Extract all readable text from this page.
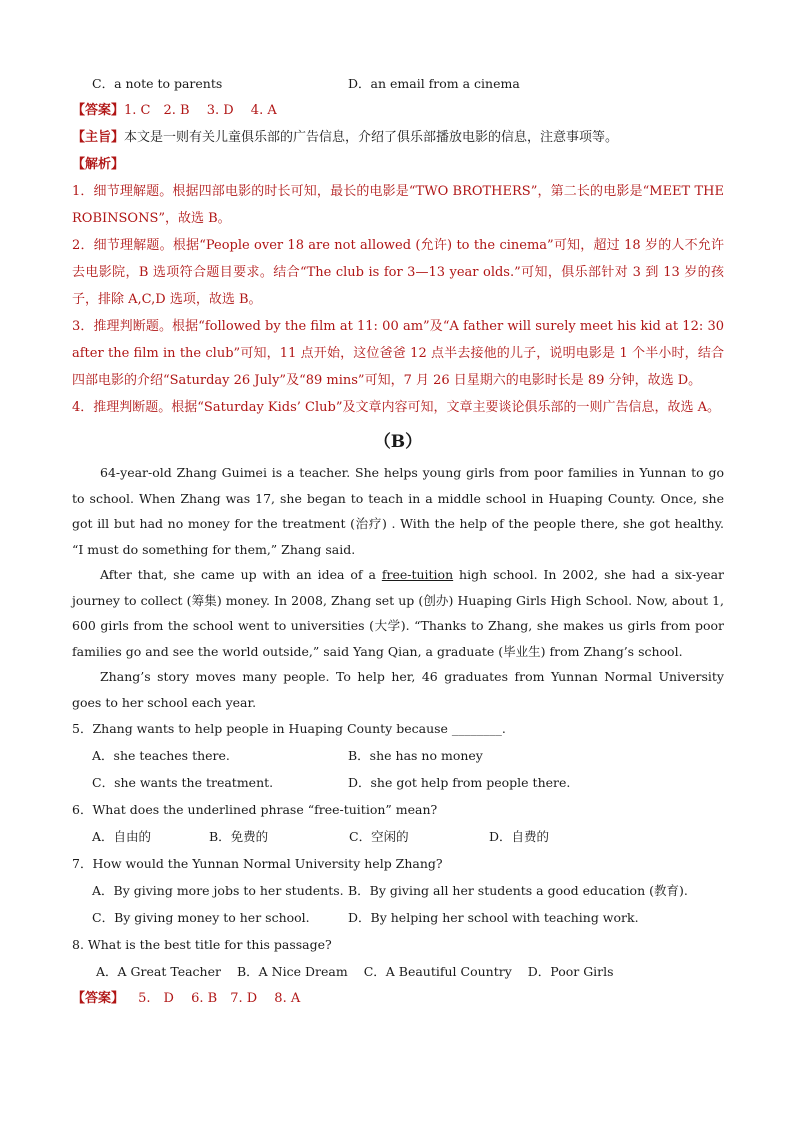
C．a note to parents	D．an email from a cinema
【答案】1. C　2. B　 3. D　 4. A
【主旨】本文是一则有关儿童俱乐部的广告信息，介绍了俱乐部播放电影的信息，注意事项等。
【解析】
1．细节理解题。根据四部电影的时长可知，最长的电影是“TWO BROTHERS”，第二长的电影是“MEET THE ROBINSONS”，故选 B。
2．细节理解题。根据“People over 18 are not allowed (允许) to the cinema”可知，超过 18 岁的人不允许去电影院，B 选项符合题目要求。结合“The club is for 3—13 year olds.”可知，俱乐部针对 3 到 13 岁的孩子，排除 A,C,D 选项，故选 B。
3．推理判断题。根据“followed by the film at 11: 00 am”及“A father will surely meet his kid at 12: 30 after the film in the club”可知，11 点开始，这位爸爸 12 点半去接他的儿子，说明电影是 1 个半小时，结合四部电影的介绍“Saturday 26 July”及“89 mins”可知，7 月 26 日星期六的电影时长是 89 分钟，故选 D。
4．推理判断题。根据“Saturday Kids’ Club”及文章内容可知，文章主要谈论俱乐部的一则广告信息，故选 A。
（B）
64-year-old Zhang Guimei is a teacher. She helps young girls from poor families in Yunnan to go to school. When Zhang was 17, she began to teach in a middle school in Huaping County. Once, she got ill but had no money for the treatment (治疗) . With the help of the people there, she got healthy. “I must do something for them,” Zhang said.
After that, she came up with an idea of a free-tuition high school. In 2002, she had a six-year journey to collect (筹集) money. In 2008, Zhang set up (创办) Huaping Girls High School. Now, about 1, 600 girls from the school went to universities (大学). “Thanks to Zhang, she makes us girls from poor families go and see the world outside,” said Yang Qian, a graduate (毕业生) from Zhang’s school.
Zhang’s story moves many people. To help her, 46 graduates from Yunnan Normal University goes to her school each year.
5．Zhang wants to help people in Huaping County because ________.
A．she teaches there.	B．she has no money
C．she wants the treatment.	D．she got help from people there.
6．What does the underlined phrase “free-tuition” mean?
A．自由的	B．免费的	C．空闲的	D．自费的
7．How would the Yunnan Normal University help Zhang?
A．By giving more jobs to her students. B．By giving all her students a good education (教育).
C．By giving money to her school.	D．By helping her school with teaching work.
8. What is the best title for this passage?
A．A Great Teacher B．A Nice Dream C．A Beautiful Country D．Poor Girls
【答案】 5.　D　 6. B　7. D　 8. A
